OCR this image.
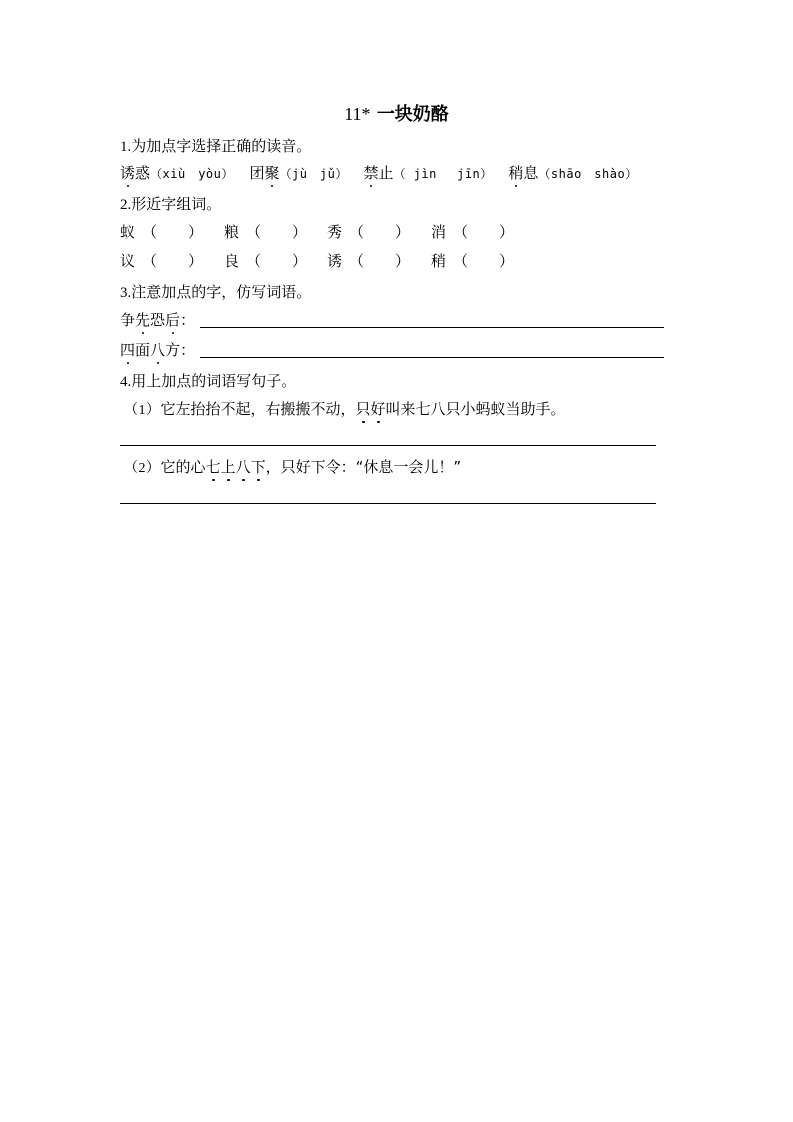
11* 一块奶酪
1.为加点字选择正确的读音。
诱惑（xiù　yòu） 团聚（jù　jǔ） 禁止（ jìn　 jīn） 稍息（shāo　shào）
2.形近字组词。
蚁 （ ） 粮 （ ） 秀 （ ） 消 （ ）
议 （ ） 良 （ ） 诱 （ ） 稍 （ ）
3.注意加点的字，仿写词语。
争先恐后：
四面八方：
4.用上加点的词语写句子。
（1）它左抬抬不起，右搬搬不动，只好叫来七八只小蚂蚁当助手。
（2）它的心七上八下，只好下令：“休息一会儿！”
